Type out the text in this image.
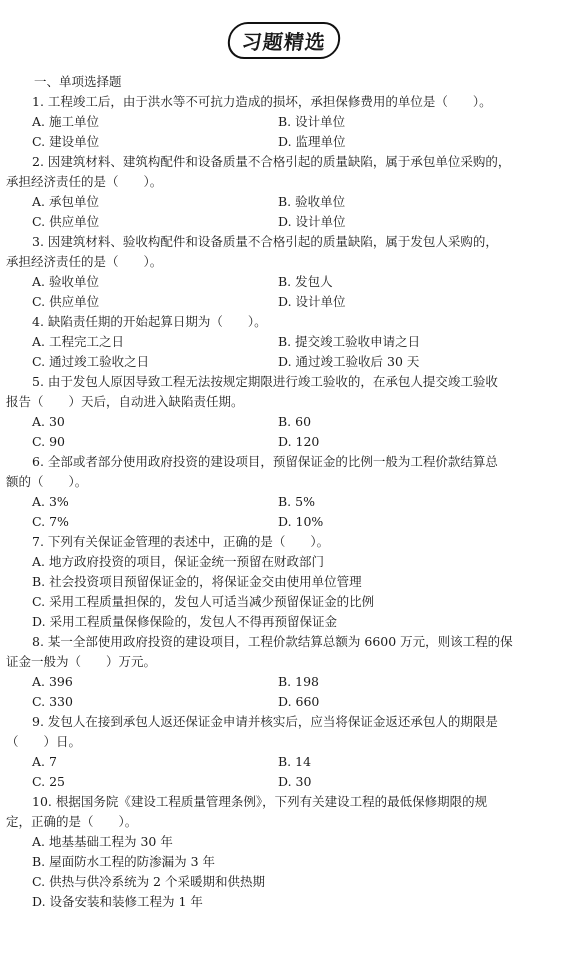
习题精选
一、单项选择题
1. 工程竣工后，由于洪水等不可抗力造成的损坏，承担保修费用的单位是（　　）。
A. 施工单位	B. 设计单位
C. 建设单位	D. 监理单位
2. 因建筑材料、建筑构配件和设备质量不合格引起的质量缺陷，属于承包单位采购的，
承担经济责任的是（　　）。
A. 承包单位	B. 验收单位
C. 供应单位	D. 设计单位
3. 因建筑材料、验收构配件和设备质量不合格引起的质量缺陷，属于发包人采购的，
承担经济责任的是（　　）。
A. 验收单位	B. 发包人
C. 供应单位	D. 设计单位
4. 缺陷责任期的开始起算日期为（　　）。
A. 工程完工之日	B. 提交竣工验收申请之日
C. 通过竣工验收之日	D. 通过竣工验收后 30 天
5. 由于发包人原因导致工程无法按规定期限进行竣工验收的，在承包人提交竣工验收
报告（　　）天后，自动进入缺陷责任期。
A. 30	B. 60
C. 90	D. 120
6. 全部或者部分使用政府投资的建设项目，预留保证金的比例一般为工程价款结算总
额的（　　）。
A. 3%	B. 5%
C. 7%	D. 10%
7. 下列有关保证金管理的表述中，正确的是（　　）。
A. 地方政府投资的项目，保证金统一预留在财政部门
B. 社会投资项目预留保证金的，将保证金交由使用单位管理
C. 采用工程质量担保的，发包人可适当减少预留保证金的比例
D. 采用工程质量保修保险的，发包人不得再预留保证金
8. 某一全部使用政府投资的建设项目，工程价款结算总额为 6600 万元，则该工程的保
证金一般为（　　）万元。
A. 396	B. 198
C. 330	D. 660
9. 发包人在接到承包人返还保证金申请并核实后，应当将保证金返还承包人的期限是
（　　）日。
A. 7	B. 14
C. 25	D. 30
10. 根据国务院《建设工程质量管理条例》，下列有关建设工程的最低保修期限的规
定，正确的是（　　）。
A. 地基基础工程为 30 年
B. 屋面防水工程的防渗漏为 3 年
C. 供热与供冷系统为 2 个采暖期和供热期
D. 设备安装和装修工程为 1 年
